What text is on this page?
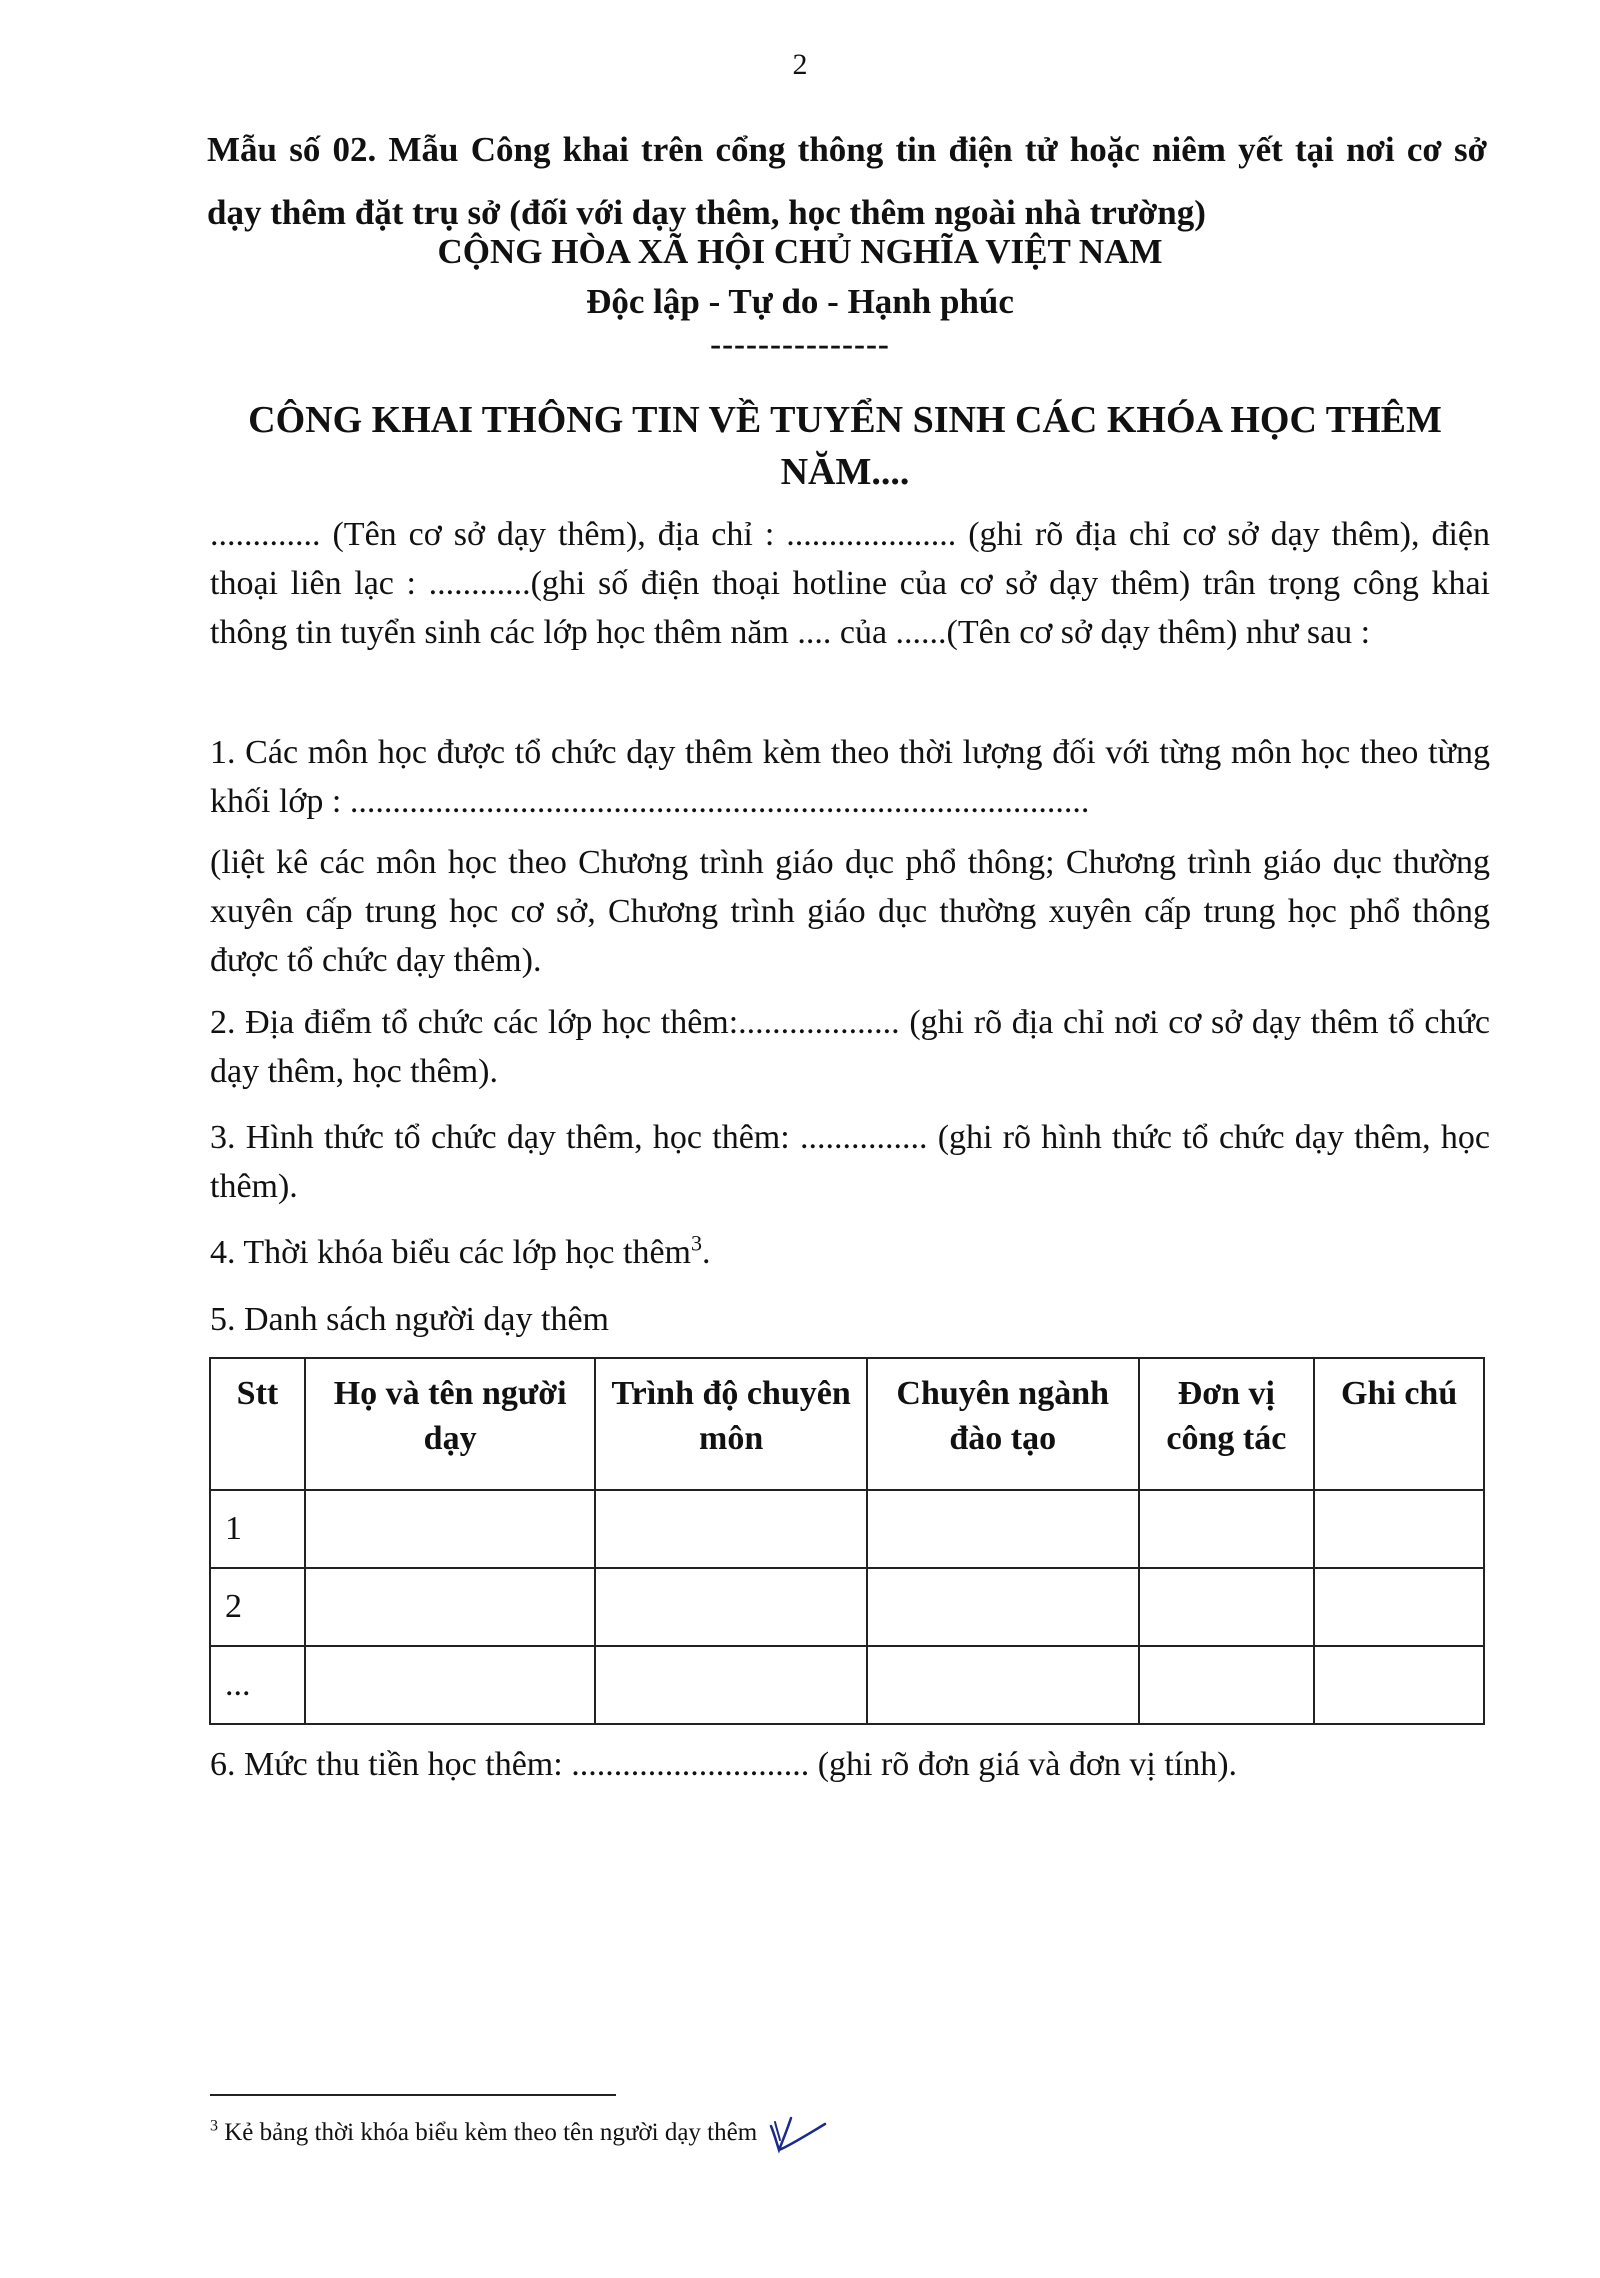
2
Mẫu số 02. Mẫu Công khai trên cổng thông tin điện tử hoặc niêm yết tại nơi cơ sở dạy thêm đặt trụ sở (đối với dạy thêm, học thêm ngoài nhà trường)
CỘNG HÒA XÃ HỘI CHỦ NGHĨA VIỆT NAM
Độc lập - Tự do - Hạnh phúc
---------------
CÔNG KHAI THÔNG TIN VỀ TUYỂN SINH CÁC KHÓA HỌC THÊM NĂM....
............. (Tên cơ sở dạy thêm), địa chỉ : .................... (ghi rõ địa chỉ cơ sở dạy thêm), điện thoại liên lạc : ............(ghi số điện thoại hotline của cơ sở dạy thêm) trân trọng công khai thông tin tuyển sinh các lớp học thêm năm .... của ......(Tên cơ sở dạy thêm) như sau :
1. Các môn học được tổ chức dạy thêm kèm theo thời lượng đối với từng môn học theo từng khối lớp : .......................................................................................
(liệt kê các môn học theo Chương trình giáo dục phổ thông; Chương trình giáo dục thường xuyên cấp trung học cơ sở, Chương trình giáo dục thường xuyên cấp trung học phổ thông được tổ chức dạy thêm).
2. Địa điểm tổ chức các lớp học thêm:................... (ghi rõ địa chỉ nơi cơ sở dạy thêm tổ chức dạy thêm, học thêm).
3. Hình thức tổ chức dạy thêm, học thêm: ............... (ghi rõ hình thức tổ chức dạy thêm, học thêm).
4. Thời khóa biểu các lớp học thêm$^3$.
5. Danh sách người dạy thêm
Stt	Họ và tên người dạy	Trình độ chuyên môn	Chuyên ngành đào tạo	Đơn vị công tác	Ghi chú
1					
2					
...					
6. Mức thu tiền học thêm: ............................ (ghi rõ đơn giá và đơn vị tính).
$^3$ Kẻ bảng thời khóa biểu kèm theo tên người dạy thêm
